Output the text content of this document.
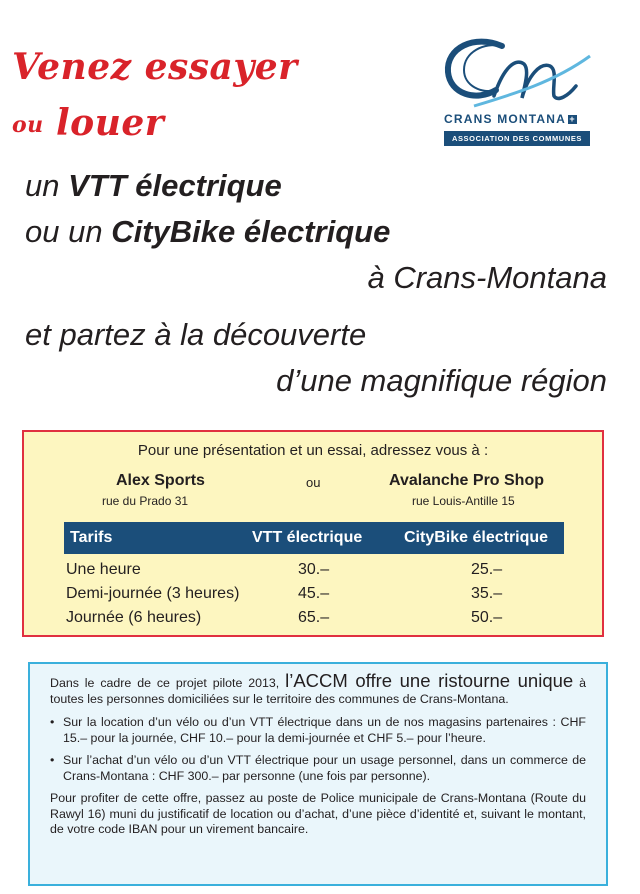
Venez essayer
ou louer	CRANS MONTANA +
ASSOCIATION DES COMMUNES
un VTT électrique
ou un CityBike électrique
à Crans-Montana
et partez à la découverte
d’une magnifique région
Pour une présentation et un essai, adressez vous à :
Alex Sports
rue du Prado 31
ou	Avalanche Pro Shop
rue Louis-Antille 15
Tarifs	VTT électrique	CityBike électrique
Une heure	30.–	25.–
Demi-journée (3 heures)	45.–	35.–
Journée (6 heures)	65.–	50.–

Dans le cadre de ce projet pilote 2013, l’ACCM offre une ristourne unique à toutes les personnes domiciliées sur le territoire des communes de Crans-Montana.

• Sur la location d’un vélo ou d’un VTT électrique dans un de nos magasins partenaires : CHF 15.– pour la journée, CHF 10.– pour la demi-journée et CHF 5.– pour l’heure.
• Sur l’achat d’un vélo ou d’un VTT électrique pour un usage personnel, dans un commerce de Crans-Montana : CHF 300.– par personne (une fois par personne).

Pour profiter de cette offre, passez au poste de Police municipale de Crans-Montana (Route du Rawyl 16) muni du justificatif de location ou d’achat, d’une pièce d’identité et, suivant le montant, de votre code IBAN pour un virement bancaire.
